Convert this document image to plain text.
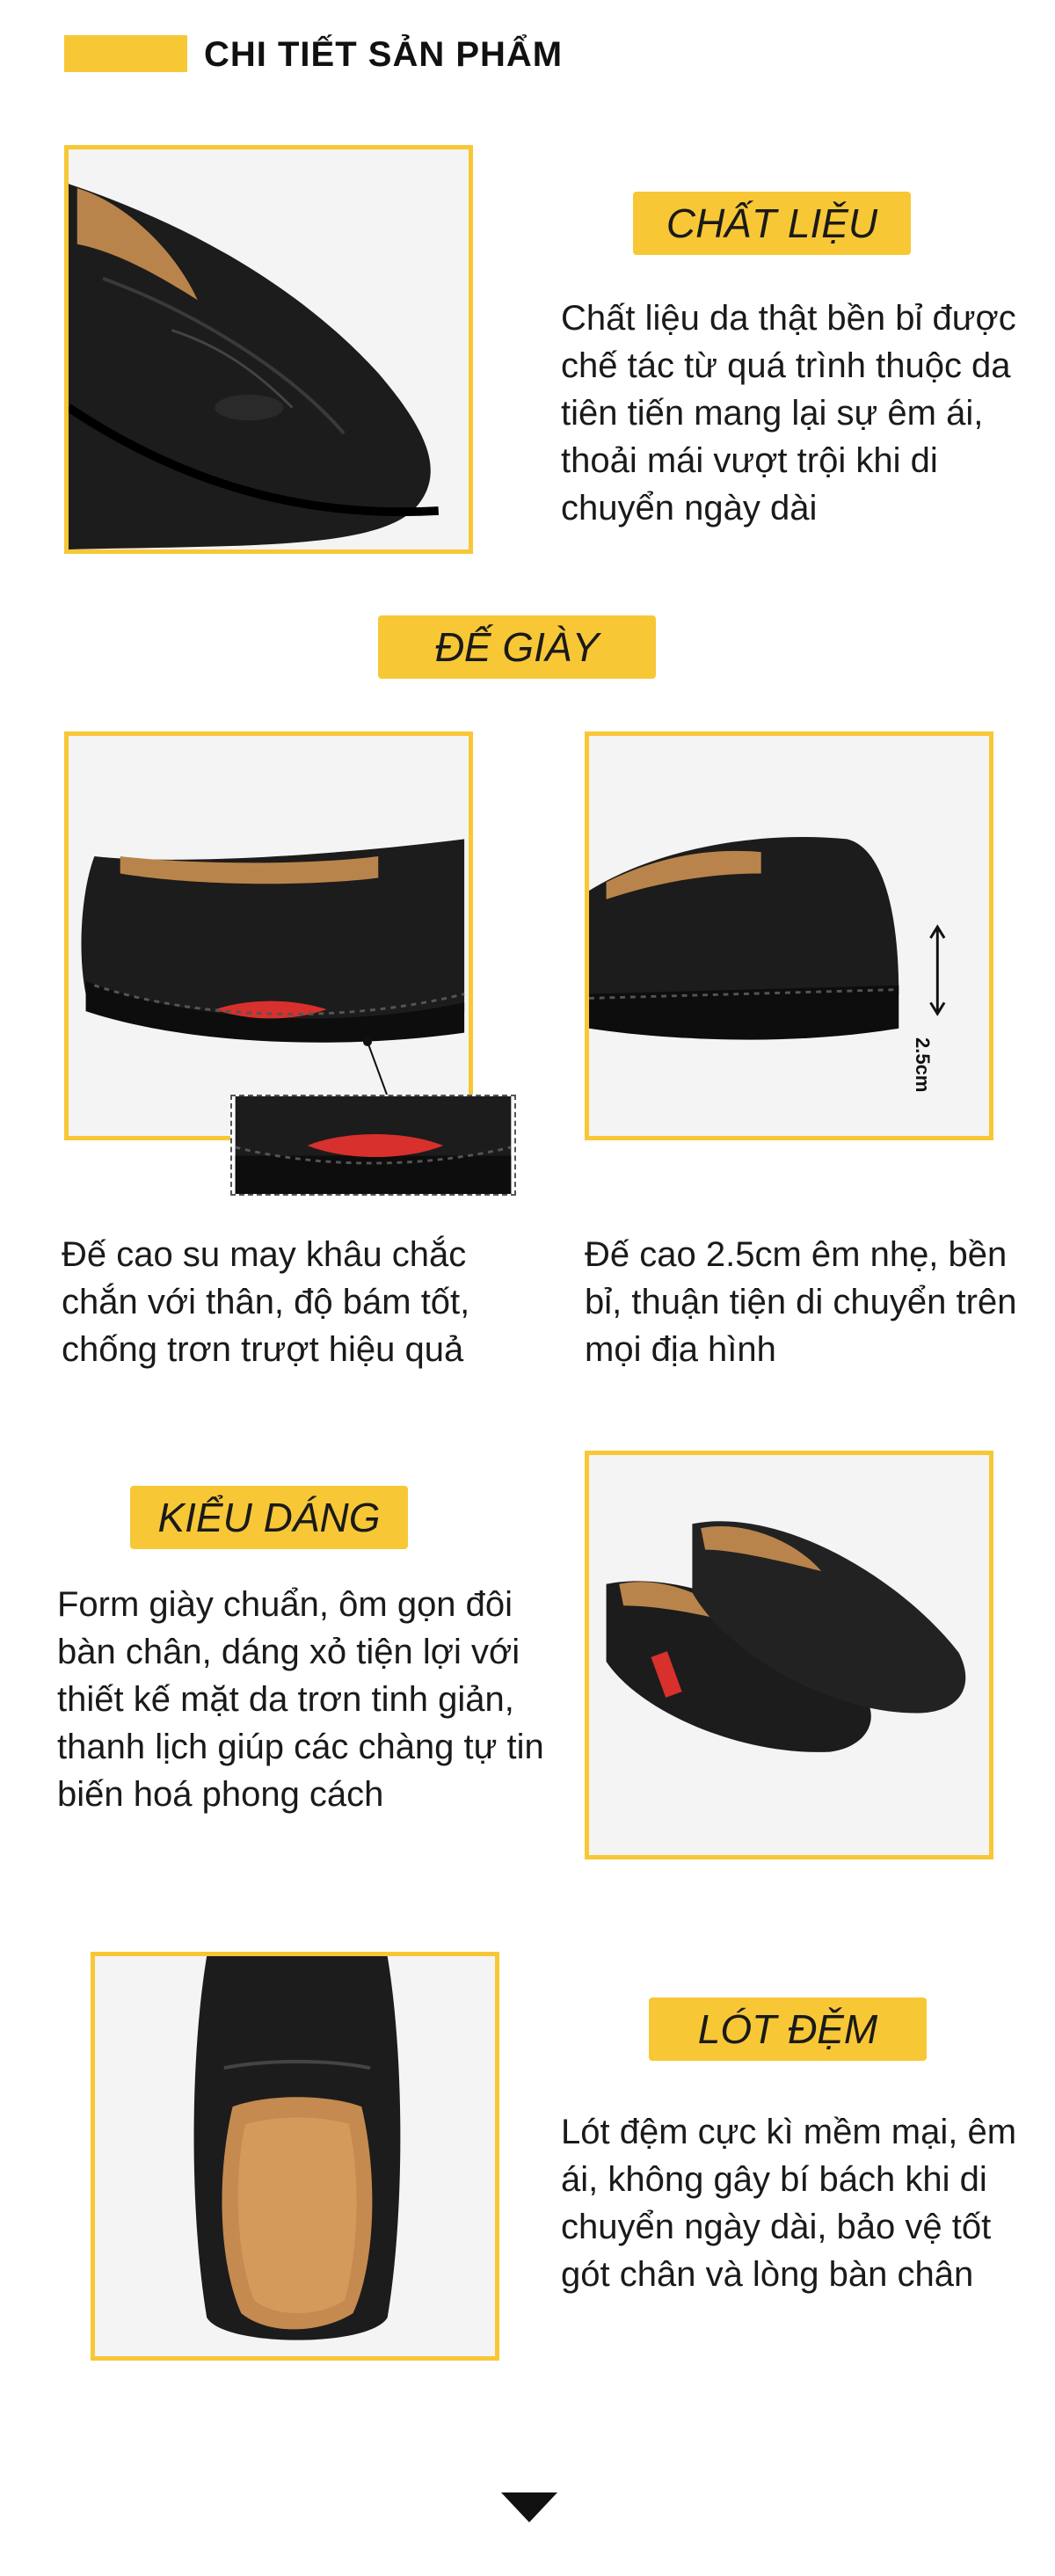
CHI TIẾT SẢN PHẨM
CHẤT LIỆU
Chất liệu da thật bền bỉ được chế tác từ quá trình thuộc da tiên tiến mang lại sự êm ái, thoải mái vượt trội khi di chuyển ngày dài
ĐẾ GIÀY
2.5cm
Đế cao su may khâu chắc chắn với thân, độ bám tốt, chống trơn trượt hiệu quả
Đế cao 2.5cm êm nhẹ, bền bỉ, thuận tiện di chuyển trên mọi địa hình
KIỂU DÁNG
Form giày chuẩn, ôm gọn đôi bàn chân, dáng xỏ tiện lợi với thiết kế mặt da trơn tinh giản, thanh lịch giúp các chàng tự tin biến hoá phong cách
LÓT ĐỆM
Lót đệm cực kì mềm mại, êm ái, không gây bí bách khi di chuyển ngày dài, bảo vệ tốt gót chân và lòng bàn chân
